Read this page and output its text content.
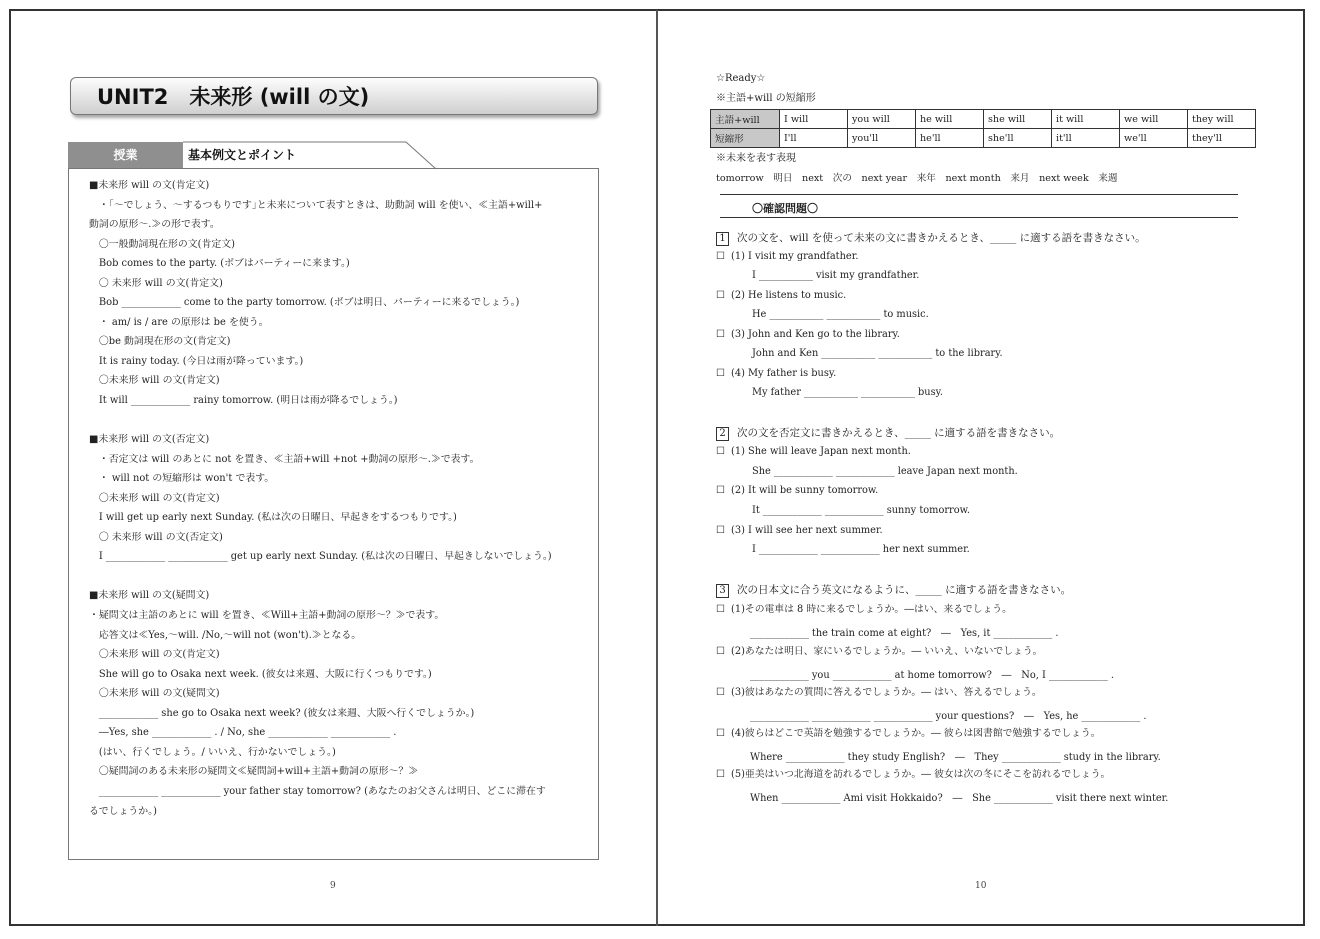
UNIT2　未来形 (will の文)
授業	基本例文とポイント
■未来形 will の文(肯定文)
　・｢～でしょう、～するつもりです｣と未来について表すときは、助動詞 will を使い、≪主語+will+
動詞の原形～.≫の形で表す。
　〇一般動詞現在形の文(肯定文)
　Bob comes to the party. (ボブはパーティーに来ます。)
　〇 未来形 will の文(肯定文)
　Bob ____________ come to the party tomorrow. (ボブは明日、パーティーに来るでしょう。)
　・ am/ is / are の原形は be を使う。
　〇be 動詞現在形の文(肯定文)
　It is rainy today. (今日は雨が降っています。)
　〇未来形 will の文(肯定文)
　It will ____________ rainy tomorrow. (明日は雨が降るでしょう。)
■未来形 will の文(否定文)
　・否定文は will のあとに not を置き、≪主語+will +not +動詞の原形～.≫で表す。
　・ will not の短縮形は won't で表す。
　〇未来形 will の文(肯定文)
　I will get up early next Sunday. (私は次の日曜日、早起きをするつもりです。)
　〇 未来形 will の文(否定文)
　I ____________ ____________ get up early next Sunday. (私は次の日曜日、早起きしないでしょう。)
■未来形 will の文(疑問文)
・疑問文は主語のあとに will を置き、≪Will+主語+動詞の原形～？≫で表す。
　応答文は≪Yes,～will. /No,～will not (won't).≫となる。
　〇未来形 will の文(肯定文)
　She will go to Osaka next week. (彼女は来週、大阪に行くつもりです。)
　〇未来形 will の文(疑問文)
　____________ she go to Osaka next week? (彼女は来週、大阪へ行くでしょうか。)
　―Yes, she ____________ . / No, she ____________ ____________ .
　(はい、行くでしょう。/ いいえ、行かないでしょう。)
　〇疑問詞のある未来形の疑問文≪疑問詞+will+主語+動詞の原形～？≫
　____________ ____________ your father stay tomorrow? (あなたのお父さんは明日、どこに滞在す
るでしょうか。)
9
☆Ready☆
※主語+will の短縮形
主語+will	I will	you will	he will	she will	it will	we will	they will
短縮形	I'll	you'll	he'll	she'll	it'll	we'll	they'll
※未来を表す表現
tomorrow　明日　next　次の　next year　来年　next month　来月　next week　来週
〇確認問題〇
1 次の文を、will を使って未来の文に書きかえるとき、_____ に適する語を書きなさい。
☐ (1) I visit my grandfather.
I ___________ visit my grandfather.
☐ (2) He listens to music.
He ___________ ___________ to music.
☐ (3) John and Ken go to the library.
John and Ken ___________ ___________ to the library.
☐ (4) My father is busy.
My father ___________ ___________ busy.
2 次の文を否定文に書きかえるとき、_____ に適する語を書きなさい。
☐ (1) She will leave Japan next month.
She ____________ ____________ leave Japan next month.
☐ (2) It will be sunny tomorrow.
It ____________ ____________ sunny tomorrow.
☐ (3) I will see her next summer.
I ____________ ____________ her next summer.
3 次の日本文に合う英文になるように、_____ に適する語を書きなさい。
☐ (1)その電車は 8 時に来るでしょうか。―はい、来るでしょう。
____________ the train come at eight?　―　Yes, it ____________ .
☐ (2)あなたは明日、家にいるでしょうか。― いいえ、いないでしょう。
____________ you ____________ at home tomorrow?　―　No, I ____________ .
☐ (3)彼はあなたの質問に答えるでしょうか。― はい、答えるでしょう。
____________ ____________ ____________ your questions?　―　Yes, he ____________ .
☐ (4)彼らはどこで英語を勉強するでしょうか。― 彼らは図書館で勉強するでしょう。
Where ____________ they study English?　―　They ____________ study in the library.
☐ (5)亜美はいつ北海道を訪れるでしょうか。― 彼女は次の冬にそこを訪れるでしょう。
When ____________ Ami visit Hokkaido?　―　She ____________ visit there next winter.
10
